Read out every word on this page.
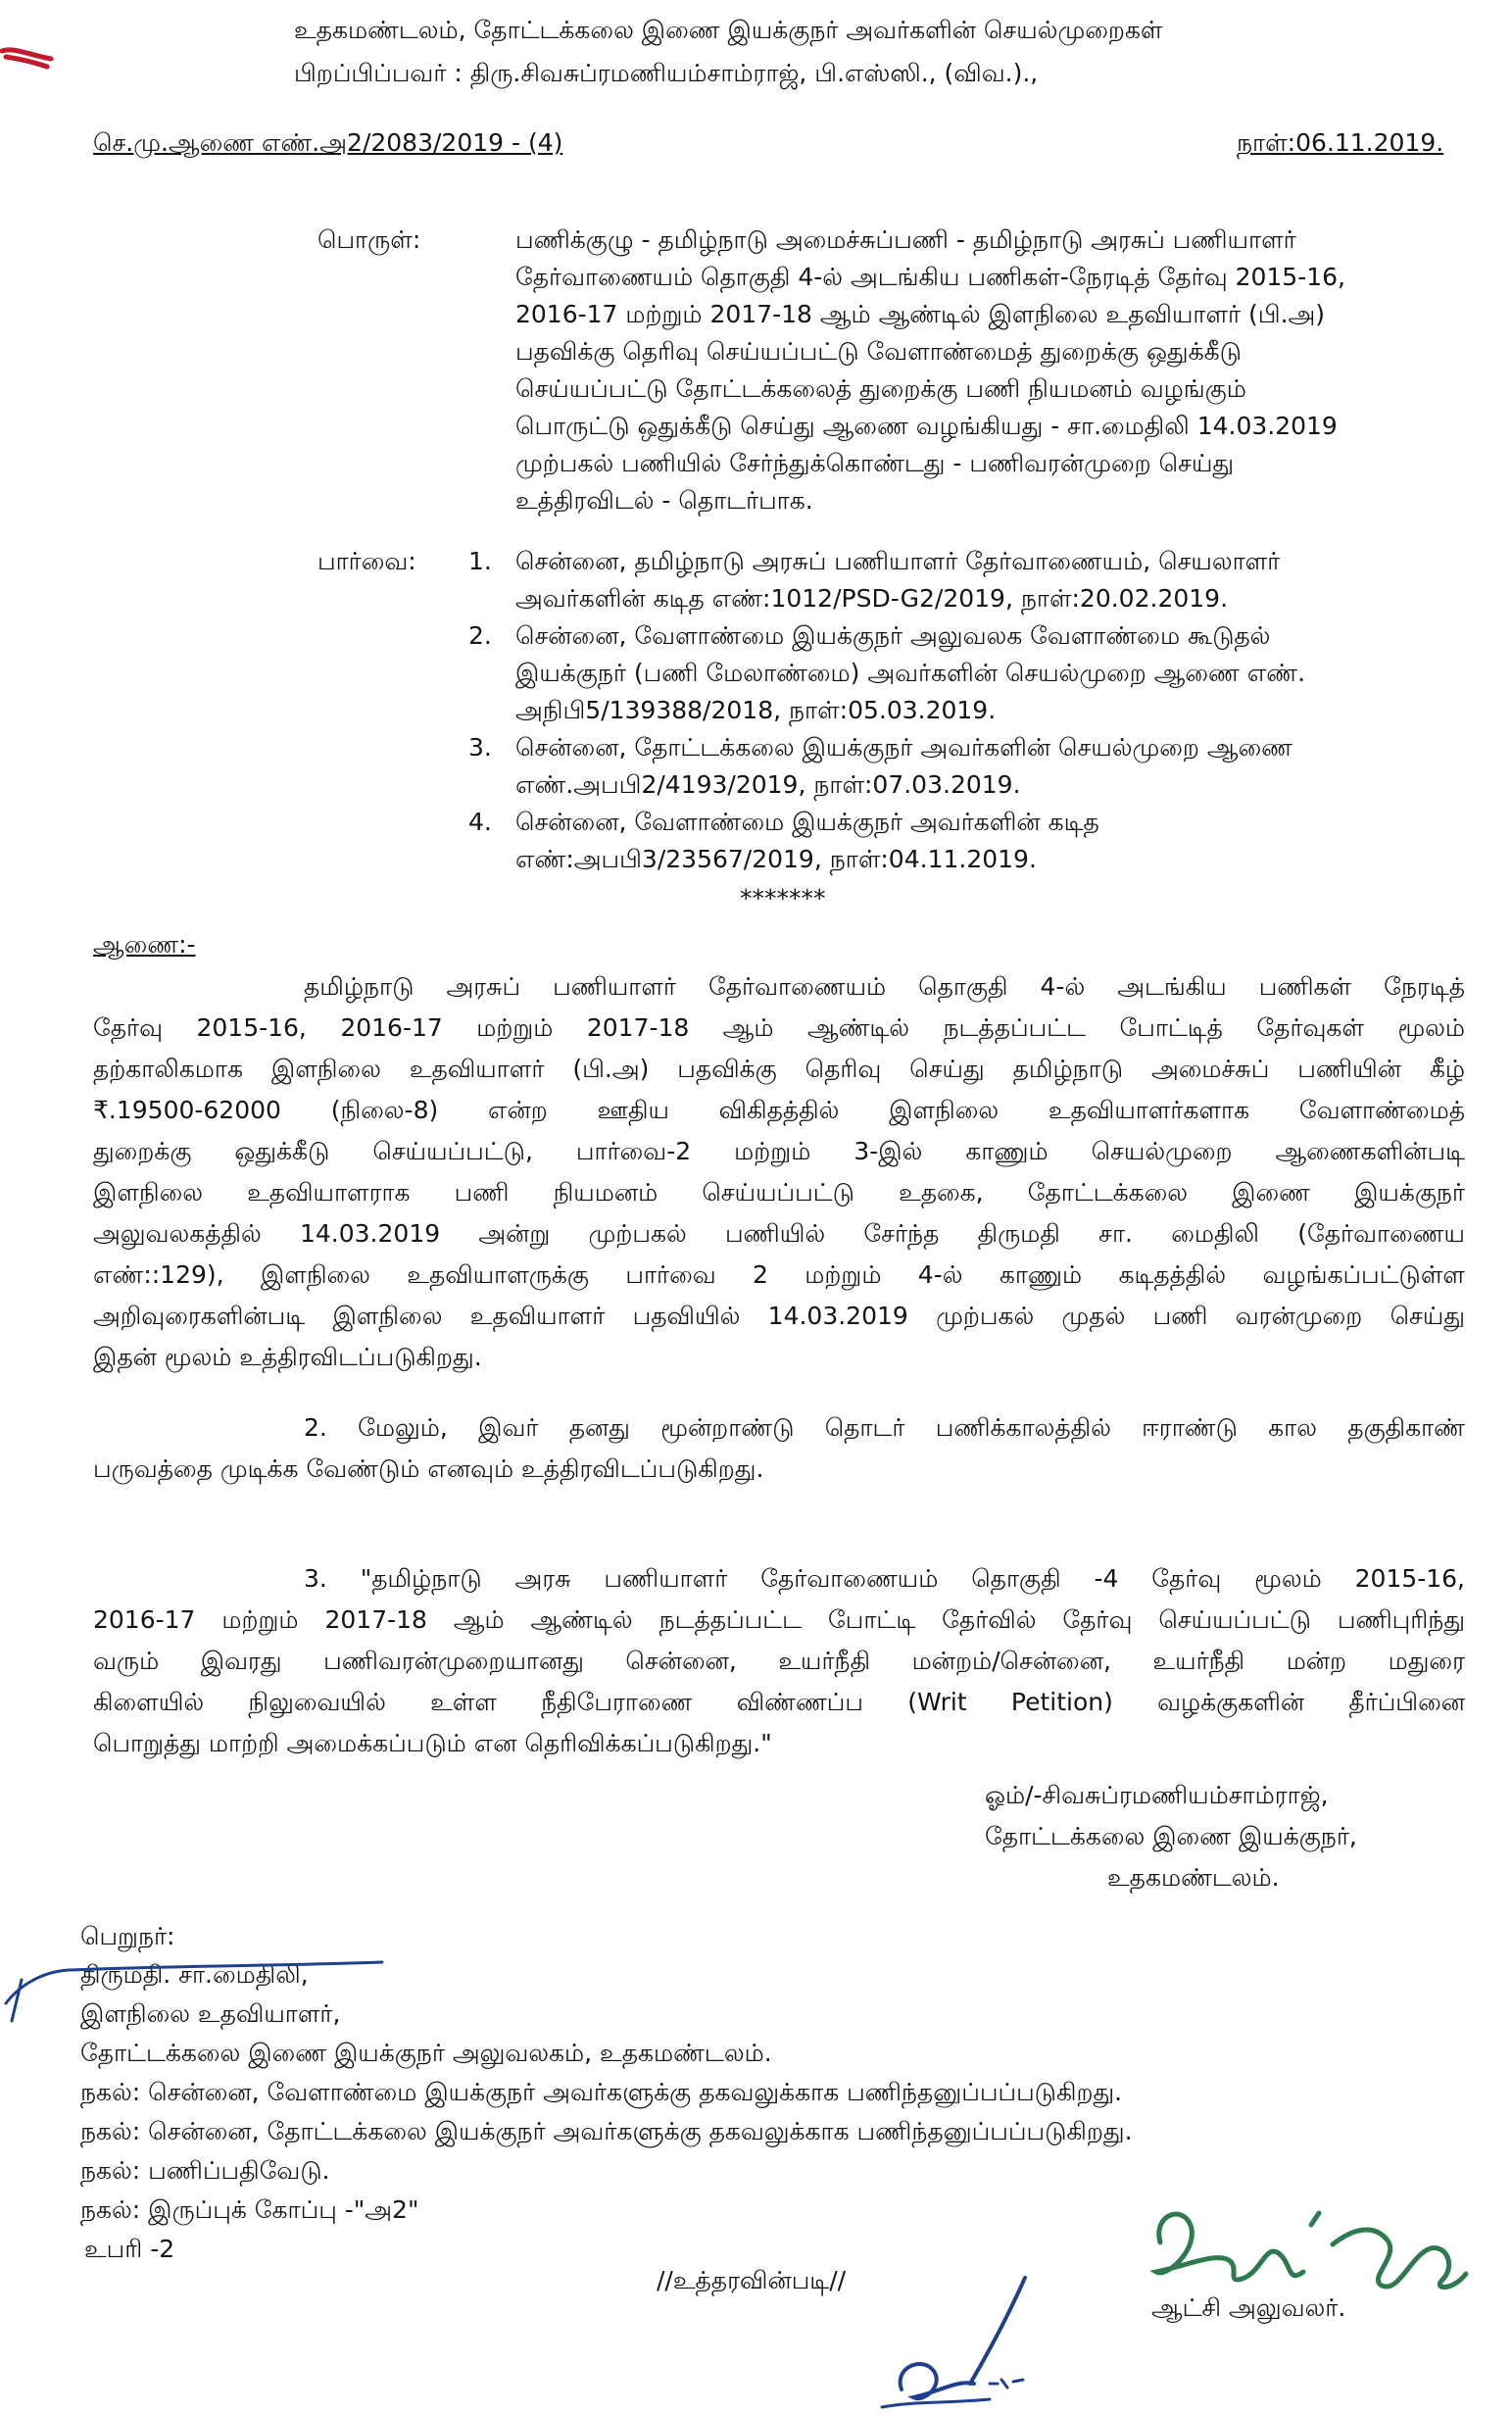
உதகமண்டலம், தோட்டக்கலை இணை இயக்குநர் அவர்களின் செயல்முறைகள்
பிறப்பிப்பவர் : திரு.சிவசுப்ரமணியம்சாம்ராஜ், பி.எஸ்ஸி., (விவ.).,
செ.மு.ஆணை எண்.அ2/2083/2019 - (4)	நாள்:06.11.2019.
பொருள்:	பணிக்குழு - தமிழ்நாடு அமைச்சுப்பணி - தமிழ்நாடு அரசுப் பணியாளர்
தேர்வாணையம் தொகுதி 4-ல் அடங்கிய பணிகள்-நேரடித் தேர்வு 2015-16,
2016-17 மற்றும் 2017-18 ஆம் ஆண்டில் இளநிலை உதவியாளர் (பி.அ)
பதவிக்கு தெரிவு செய்யப்பட்டு வேளாண்மைத் துறைக்கு ஒதுக்கீடு
செய்யப்பட்டு தோட்டக்கலைத் துறைக்கு பணி நியமனம் வழங்கும்
பொருட்டு ஒதுக்கீடு செய்து ஆணை வழங்கியது - சா.மைதிலி 14.03.2019
முற்பகல் பணியில் சேர்ந்துக்கொண்டது - பணிவரன்முறை செய்து
உத்திரவிடல் - தொடர்பாக.
பார்வை: 1. சென்னை, தமிழ்நாடு அரசுப் பணியாளர் தேர்வாணையம், செயலாளர்
அவர்களின் கடித எண்:1012/PSD-G2/2019, நாள்:20.02.2019.
2. சென்னை, வேளாண்மை இயக்குநர் அலுவலக வேளாண்மை கூடுதல்
இயக்குநர் (பணி மேலாண்மை) அவர்களின் செயல்முறை ஆணை எண்.
அநிபி5/139388/2018, நாள்:05.03.2019.
3. சென்னை, தோட்டக்கலை இயக்குநர் அவர்களின் செயல்முறை ஆணை
எண்.அபபி2/4193/2019, நாள்:07.03.2019.
4. சென்னை, வேளாண்மை இயக்குநர் அவர்களின் கடித
எண்:அபபி3/23567/2019, நாள்:04.11.2019.
*******
ஆணை:-
தமிழ்நாடு அரசுப் பணியாளர் தேர்வாணையம் தொகுதி 4-ல் அடங்கிய பணிகள் நேரடித்
தேர்வு 2015-16, 2016-17 மற்றும் 2017-18 ஆம் ஆண்டில் நடத்தப்பட்ட போட்டித் தேர்வுகள் மூலம்
தற்காலிகமாக இளநிலை உதவியாளர் (பி.அ) பதவிக்கு தெரிவு செய்து தமிழ்நாடு அமைச்சுப் பணியின் கீழ்
₹.19500-62000 (நிலை-8) என்ற ஊதிய விகிதத்தில் இளநிலை உதவியாளர்களாக வேளாண்மைத்
துறைக்கு ஒதுக்கீடு செய்யப்பட்டு, பார்வை-2 மற்றும் 3-இல் காணும் செயல்முறை ஆணைகளின்படி
இளநிலை உதவியாளராக பணி நியமனம் செய்யப்பட்டு உதகை, தோட்டக்கலை இணை இயக்குநர்
அலுவலகத்தில் 14.03.2019 அன்று முற்பகல் பணியில் சேர்ந்த திருமதி சா. மைதிலி (தேர்வாணைய
எண்::129), இளநிலை உதவியாளருக்கு பார்வை 2 மற்றும் 4-ல் காணும் கடிதத்தில் வழங்கப்பட்டுள்ள
அறிவுரைகளின்படி இளநிலை உதவியாளர் பதவியில் 14.03.2019 முற்பகல் முதல் பணி வரன்முறை செய்து
இதன் மூலம் உத்திரவிடப்படுகிறது.
2. மேலும், இவர் தனது மூன்றாண்டு தொடர் பணிக்காலத்தில் ஈராண்டு கால தகுதிகாண்
பருவத்தை முடிக்க வேண்டும் எனவும் உத்திரவிடப்படுகிறது.
3. "தமிழ்நாடு அரசு பணியாளர் தேர்வாணையம் தொகுதி -4 தேர்வு மூலம் 2015-16,
2016-17 மற்றும் 2017-18 ஆம் ஆண்டில் நடத்தப்பட்ட போட்டி தேர்வில் தேர்வு செய்யப்பட்டு பணிபுரிந்து
வரும் இவரது பணிவரன்முறையானது சென்னை, உயர்நீதி மன்றம்/சென்னை, உயர்நீதி மன்ற மதுரை
கிளையில் நிலுவையில் உள்ள நீதிபேராணை விண்ணப்ப (Writ Petition) வழக்குகளின் தீர்ப்பினை
பொறுத்து மாற்றி அமைக்கப்படும் என தெரிவிக்கப்படுகிறது."
ஓம்/-சிவசுப்ரமணியம்சாம்ராஜ்,
தோட்டக்கலை இணை இயக்குநர்,
உதகமண்டலம்.
பெறுநர்:
திருமதி. சா.மைதிலி,
இளநிலை உதவியாளர்,
தோட்டக்கலை இணை இயக்குநர் அலுவலகம், உதகமண்டலம்.
நகல்: சென்னை, வேளாண்மை இயக்குநர் அவர்களுக்கு தகவலுக்காக பணிந்தனுப்பப்படுகிறது.
நகல்: சென்னை, தோட்டக்கலை இயக்குநர் அவர்களுக்கு தகவலுக்காக பணிந்தனுப்பப்படுகிறது.
நகல்: பணிப்பதிவேடு.
நகல்: இருப்புக் கோப்பு -"அ2"
உபரி -2
//உத்தரவின்படி//
ஆட்சி அலுவலர்.
